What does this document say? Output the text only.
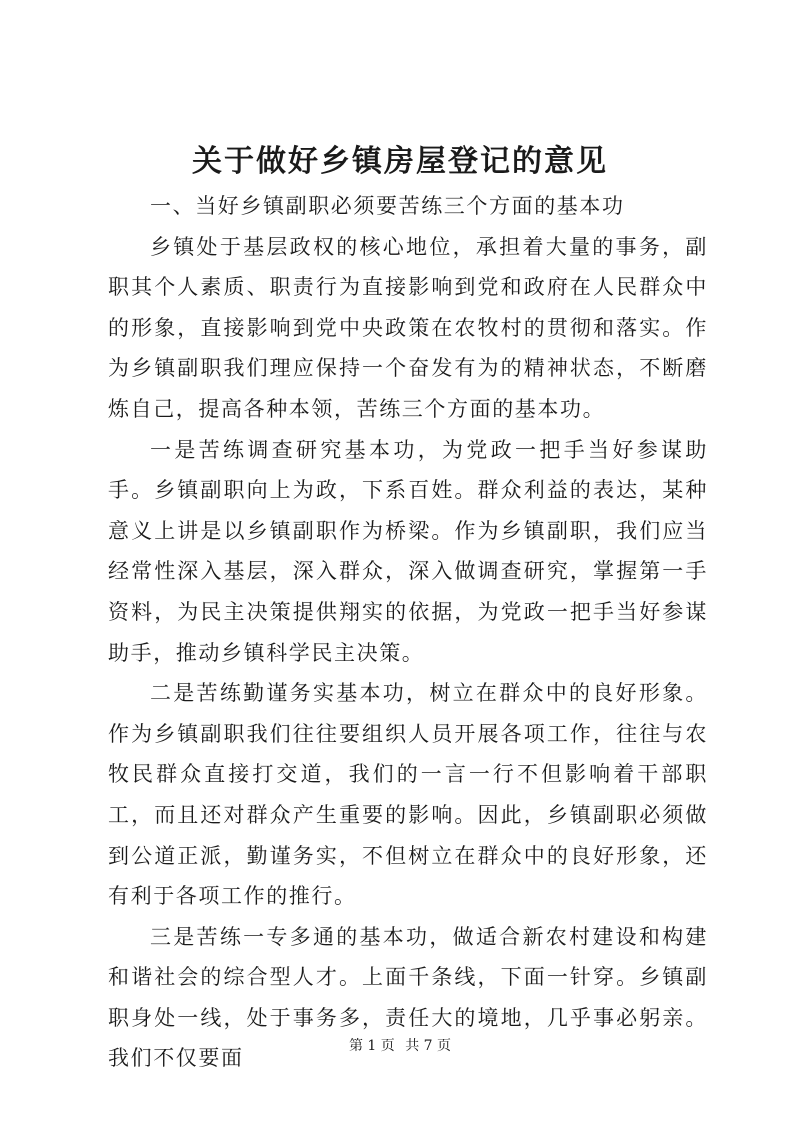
关于做好乡镇房屋登记的意见

一、当好乡镇副职必须要苦练三个方面的基本功

乡镇处于基层政权的核心地位，承担着大量的事务，副职其个人素质、职责行为直接影响到党和政府在人民群众中的形象，直接影响到党中央政策在农牧村的贯彻和落实。作为乡镇副职我们理应保持一个奋发有为的精神状态，不断磨炼自己，提高各种本领，苦练三个方面的基本功。

一是苦练调查研究基本功，为党政一把手当好参谋助手。乡镇副职向上为政，下系百姓。群众利益的表达，某种意义上讲是以乡镇副职作为桥梁。作为乡镇副职，我们应当经常性深入基层，深入群众，深入做调查研究，掌握第一手资料，为民主决策提供翔实的依据，为党政一把手当好参谋助手，推动乡镇科学民主决策。

二是苦练勤谨务实基本功，树立在群众中的良好形象。作为乡镇副职我们往往要组织人员开展各项工作，往往与农牧民群众直接打交道，我们的一言一行不但影响着干部职工，而且还对群众产生重要的影响。因此，乡镇副职必须做到公道正派，勤谨务实，不但树立在群众中的良好形象，还有利于各项工作的推行。

三是苦练一专多通的基本功，做适合新农村建设和构建和谐社会的综合型人才。上面千条线，下面一针穿。乡镇副职身处一线，处于事务多，责任大的境地，几乎事必躬亲。我们不仅要面

第 1 页 共 7 页
